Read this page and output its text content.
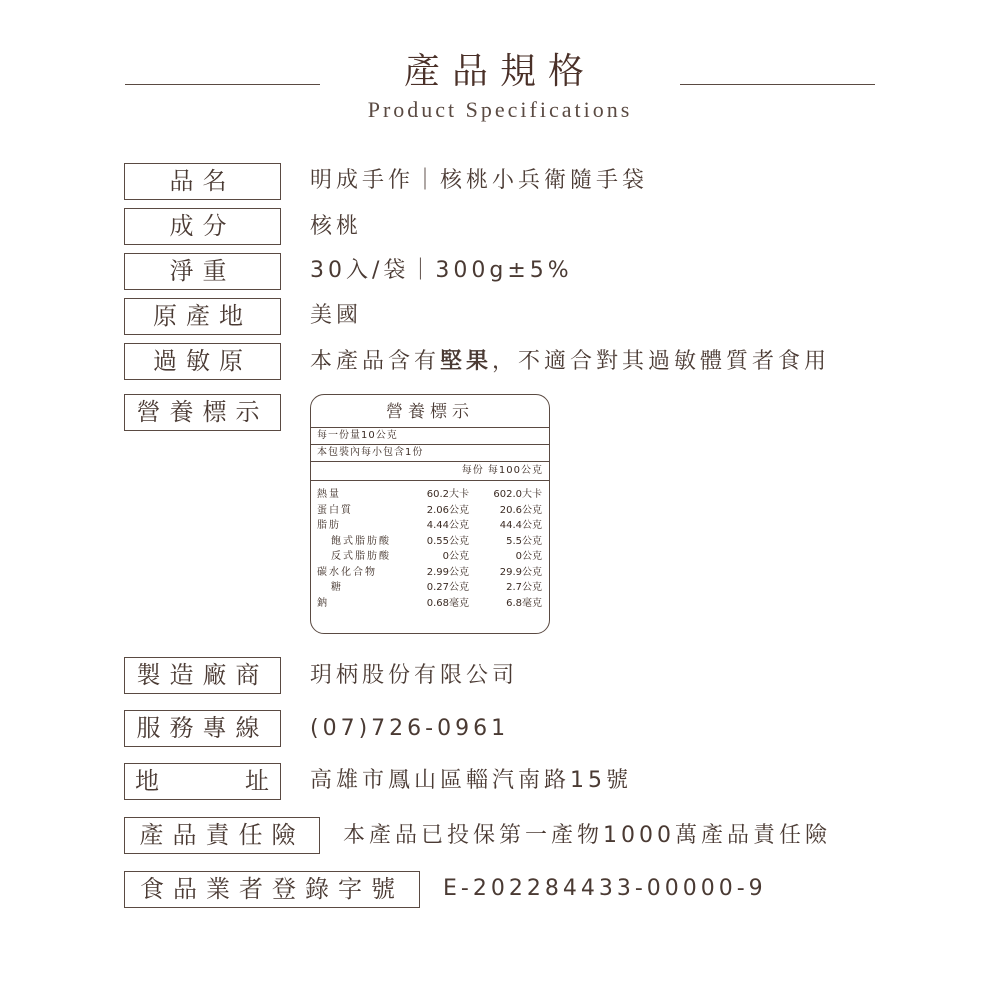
產品規格
Product Specifications
品名	明成手作｜核桃小兵衛隨手袋
成分	核桃
淨重	30入/袋｜300g±5%
原產地	美國
過敏原	本產品含有堅果，不適合對其過敏體質者食用
營養標示	營養標示
每一份量10公克
本包裝內每小包含1份
每份 每100公克
熱量	60.2大卡 602.0大卡
蛋白質	2.06公克	20.6公克
脂肪	4.44公克	44.4公克
飽式脂肪酸	0.55公克	5.5公克
反式脂肪酸	0公克	0公克
碳水化合物	2.99公克	29.9公克
糖	0.27公克	2.7公克
鈉	0.68毫克	6.8毫克
製造廠商	玥柄股份有限公司
服務專線	(07)726-0961
地	址 高雄市鳳山區輜汽南路15號
產品責任險	本產品已投保第一產物1000萬產品責任險
食品業者登錄字號	E-202284433-00000-9
